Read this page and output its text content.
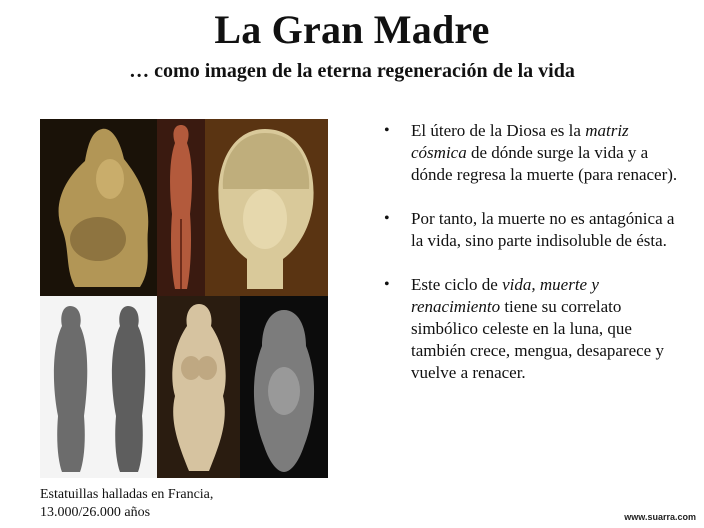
La Gran Madre
… como imagen de la eterna regeneración de la vida
Estatuillas halladas en Francia,
13.000/26.000 años
• El útero de la Diosa es la matriz cósmica de dónde surge la vida y a dónde regresa la muerte (para renacer).
• Por tanto, la muerte no es antagónica a la vida, sino parte indisoluble de ésta.
• Este ciclo de vida, muerte y renacimiento tiene su correlato simbólico celeste en la luna, que también crece, mengua, desaparece y vuelve a renacer.
www.suarra.com
